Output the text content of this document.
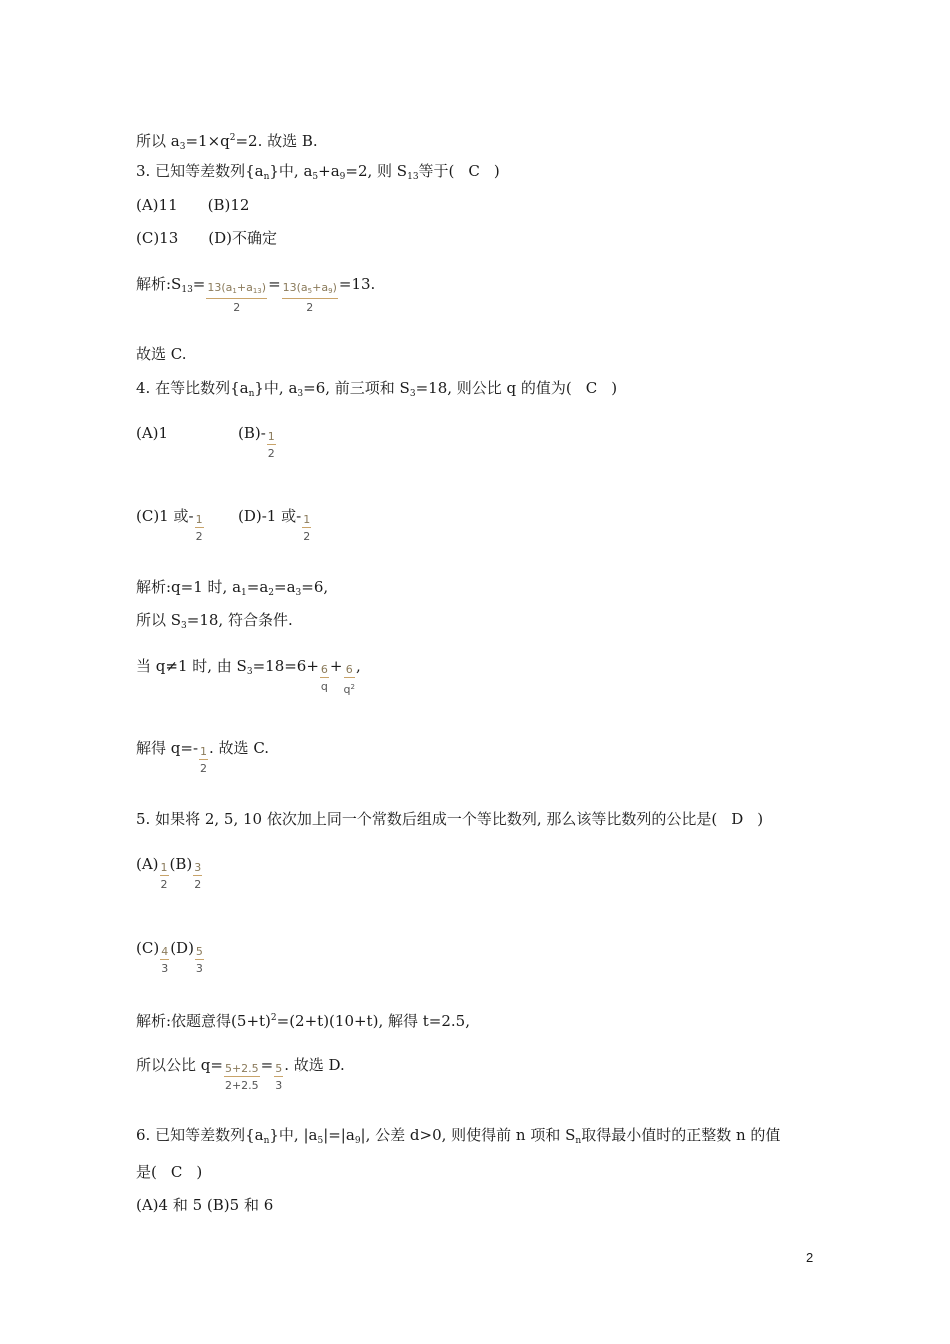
所以 $a_3=1\times q^2=2$. 故选 B.
3. 已知等差数列$\{a_n\}$中, $a_5+a_9=2$, 则 $S_{13}$等于( C )
(A)11　　(B)12
(C)13　　(D)不确定
解析$:S_{13}= \frac{13(a_1+a_{13})}{2} = \frac{13(a_5+a_9)}{2} =13$.
故选 C.
4. 在等比数列$\{a_n\}$中, $a_3=6$, 前三项和 $S_3=18$, 则公比 q 的值为( C )
(A)1	$(B)- \frac{1}{2}$
(C)1 或- $\frac{1}{2} (D)-1$ 或- $\frac{1}{2}$
解析:q=1 时, $a_1=a_2=a_3=6$,
所以 $S_3=18$, 符合条件.
当 q≠1 时, 由 $S_3=18=6+ \frac{6}{q} + \frac{6}{q^2}$ ,
解得 $q=- \frac{1}{2}$ . 故选 C.
5. 如果将 2, 5, 10 依次加上同一个常数后组成一个等比数列, 那么该等比数列的公比是( D )
$(A) \frac{1}{2} (B) \frac{3}{2}$
$(C) \frac{4}{3} (D) \frac{5}{3}$
解析:依题意得$(5+t)^2=(2+t)(10+t)$, 解得 t=2.5,
所以公比 $q= \frac{5+2.5}{2+2.5} = \frac{5}{3}$ . 故选 D.
6. 已知等差数列$\{a_n\}$中, $|a_5|=|a_9|$, 公差 d>0, 则使得前 n 项和 $S_n$取得最小值时的正整数 n 的值
是( C )
(A)4 和 5 (B)5 和 6
2
